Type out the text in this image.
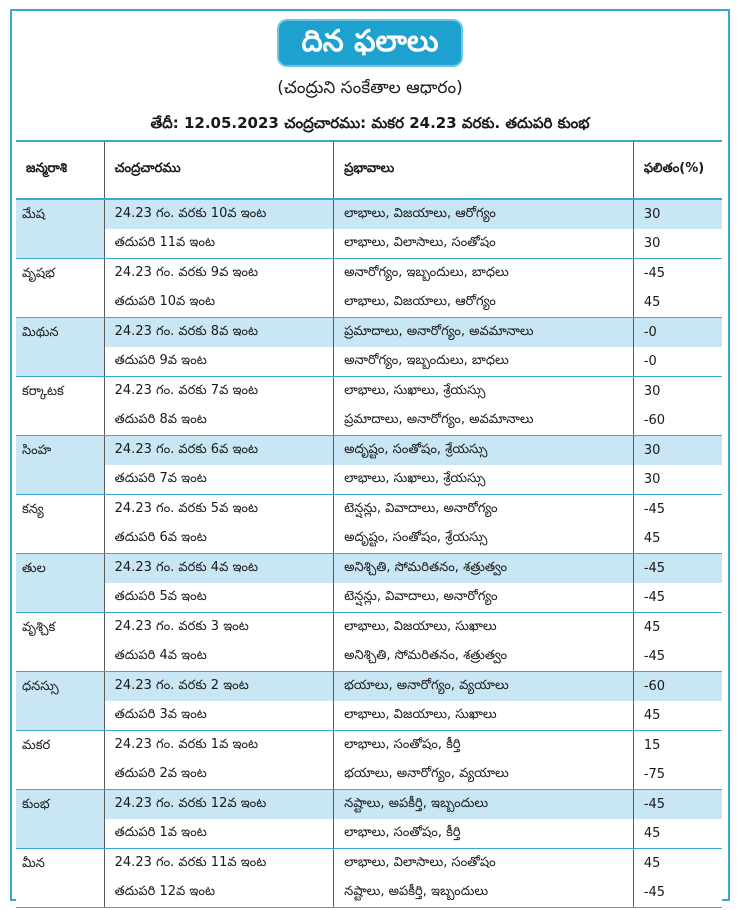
దిన ఫలాలు
(చంద్రుని సంకేతాల ఆధారం)
తేదీ: 12.05.2023 చంద్రచారము: మకర 24.23 వరకు. తదుపరి కుంభ
జన్మరాశి	చంద్రచారము	ప్రభావాలు	ఫలితం(%)
మేష	24.23 గం. వరకు 10వ ఇంట	లాభాలు, విజయాలు, ఆరోగ్యం	30
	తదుపరి 11వ ఇంట	లాభాలు, విలాసాలు, సంతోషం	30
వృషభ	24.23 గం. వరకు 9వ ఇంట	అనారోగ్యం, ఇబ్బందులు, బాధలు	-45
	తదుపరి 10వ ఇంట	లాభాలు, విజయాలు, ఆరోగ్యం	45
మిథున	24.23 గం. వరకు 8వ ఇంట	ప్రమాదాలు, అనారోగ్యం, అవమానాలు	-0
	తదుపరి 9వ ఇంట	అనారోగ్యం, ఇబ్బందులు, బాధలు	-0
కర్కాటక	24.23 గం. వరకు 7వ ఇంట	లాభాలు, సుఖాలు, శ్రేయస్సు	30
	తదుపరి 8వ ఇంట	ప్రమాదాలు, అనారోగ్యం, అవమానాలు	-60
సింహ	24.23 గం. వరకు 6వ ఇంట	అదృష్టం, సంతోషం, శ్రేయస్సు	30
	తదుపరి 7వ ఇంట	లాభాలు, సుఖాలు, శ్రేయస్సు	30
కన్య	24.23 గం. వరకు 5వ ఇంట	టెన్షన్లు, వివాదాలు, అనారోగ్యం	-45
	తదుపరి 6వ ఇంట	అదృష్టం, సంతోషం, శ్రేయస్సు	45
తుల	24.23 గం. వరకు 4వ ఇంట	అనిశ్చితి, సోమరితనం, శత్రుత్వం	-45
	తదుపరి 5వ ఇంట	టెన్షన్లు, వివాదాలు, అనారోగ్యం	-45
వృశ్చిక	24.23 గం. వరకు 3 ఇంట	లాభాలు, విజయాలు, సుఖాలు	45
	తదుపరి 4వ ఇంట	అనిశ్చితి, సోమరితనం, శత్రుత్వం	-45
ధనస్సు	24.23 గం. వరకు 2 ఇంట	భయాలు, అనారోగ్యం, వ్యయాలు	-60
	తదుపరి 3వ ఇంట	లాభాలు, విజయాలు, సుఖాలు	45
మకర	24.23 గం. వరకు 1వ ఇంట	లాభాలు, సంతోషం, కీర్తి	15
	తదుపరి 2వ ఇంట	భయాలు, అనారోగ్యం, వ్యయాలు	-75
కుంభ	24.23 గం. వరకు 12వ ఇంట	నష్టాలు, అపకీర్తి, ఇబ్బందులు	-45
	తదుపరి 1వ ఇంట	లాభాలు, సంతోషం, కీర్తి	45
మీన	24.23 గం. వరకు 11వ ఇంట	లాభాలు, విలాసాలు, సంతోషం	45
	తదుపరి 12వ ఇంట	నష్టాలు, అపకీర్తి, ఇబ్బందులు	-45
